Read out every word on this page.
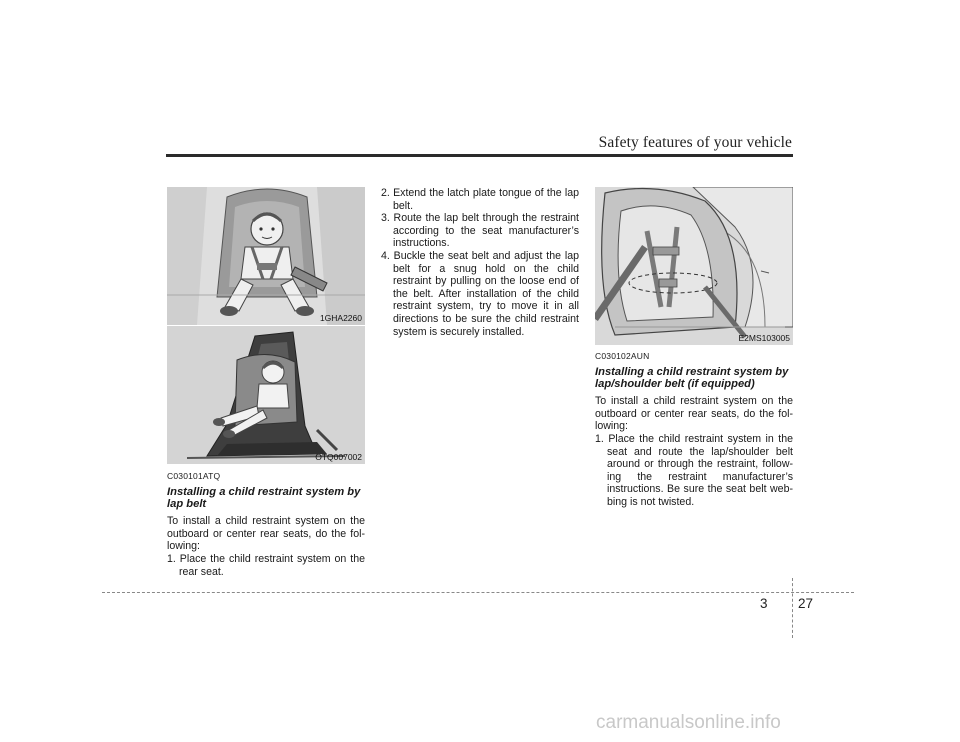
Safety features of your vehicle
1GHA2260
OTQ007002
E2MS103005

C030101ATQ

Installing a child restraint system by lap belt

To install a child restraint system on the outboard or center rear seats, do the fol-lowing:

1. Place the child restraint system on the rear seat.

2. Extend the latch plate tongue of the lap belt.

3. Route the lap belt through the restraint according to the seat manufacturer’s instructions.

4. Buckle the seat belt and adjust the lap belt for a snug hold on the child restraint by pulling on the loose end of the belt. After installation of the child restraint system, try to move it in all directions to be sure the child restraint system is securely installed.

C030102AUN

Installing a child restraint system by lap/shoulder belt (if equipped)

To install a child restraint system on the outboard or center rear seats, do the fol-lowing:

1. Place the child restraint system in the seat and route the lap/shoulder belt around or through the restraint, follow-ing the restraint manufacturer’s instructions. Be sure the seat belt web-bing is not twisted.

3 27
carmanualsonline.info
